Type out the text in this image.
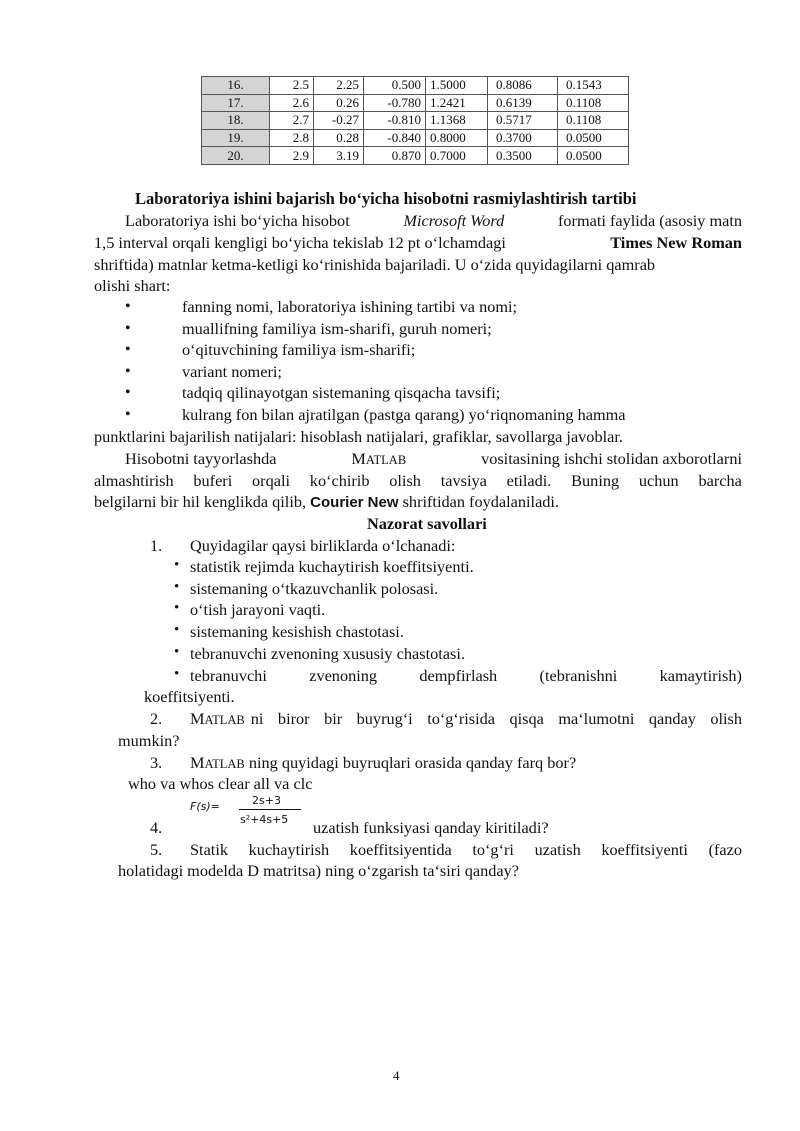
16.	2.5	2.25	0.500	1.5000	0.8086	0.1543
17.	2.6	0.26	-0.780	1.2421	0.6139	0.1108
18.	2.7	-0.27	-0.810	1.1368	0.5717	0.1108
19.	2.8	0.28	-0.840	0.8000	0.3700	0.0500
20.	2.9	3.19	0.870	0.7000	0.3500	0.0500
Laboratoriya ishini bajarish bo‘yicha hisobotni rasmiylashtirish tartibi
Laboratoriya ishi bo‘yicha hisobot	Microsoft Word	formati faylida (asosiy matn
1,5 interval orqali kengligi bo‘yicha tekislab 12 pt o‘lchamdagi	Times New Roman
shriftida) matnlar ketma-ketligi ko‘rinishida bajariladi. U o‘zida quyidagilarni qamrab
olishi shart:
•	fanning nomi, laboratoriya ishining tartibi va nomi;
•	muallifning familiya ism-sharifi, guruh nomeri;
•	o‘qituvchining familiya ism-sharifi;
•	variant nomeri;
•	tadqiq qilinayotgan sistemaning qisqacha tavsifi;
•	kulrang fon bilan ajratilgan (pastga qarang) yo‘riqnomaning hamma
punktlarini bajarilish natijalari: hisoblash natijalari, grafiklar, savollarga javoblar.
Hisobotni tayyorlashda	MATLAB	vositasining ishchi stolidan axborotlarni
almashtirish buferi orqali ko‘chirib olish tavsiya etiladi. Buning uchun barcha
belgilarni bir hil kenglikda qilib, Courier New shriftidan foydalaniladi.
Nazorat savollari
1. Quyidagilar qaysi birliklarda o‘lchanadi:
• statistik rejimda kuchaytirish koeffitsiyenti.
• sistemaning o‘tkazuvchanlik polosasi.
• o‘tish jarayoni vaqti.
• sistemaning kesishish chastotasi.
• tebranuvchi zvenoning xususiy chastotasi.
tebranuvchi	zvenoning	dempfirlash	(tebranishni	kamaytirish)
•
koeffitsiyenti.
2. MATLAB ni biror bir buyrug‘i to‘g‘risida qisqa ma‘lumotni qanday olish
mumkin?
3. MATLAB ning quyidagi buyruqlari orasida qanday farq bor?
who va whos clear all va clc
4.
F(s)=	2s+3
s²+4s+5 uzatish funksiyasi qanday kiritiladi?
5. Statik kuchaytirish koeffitsiyentida to‘g‘ri uzatish koeffitsiyenti (fazo
holatidagi modelda D matritsa) ning o‘zgarish ta‘siri qanday?
4
